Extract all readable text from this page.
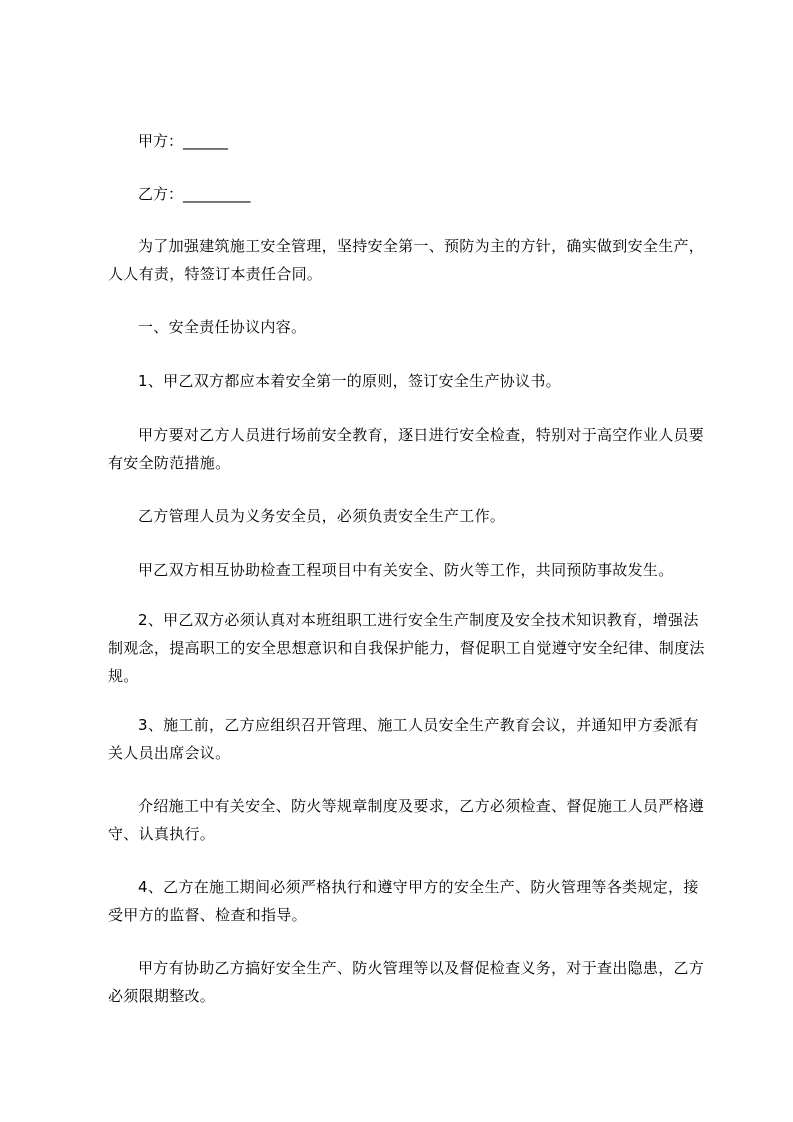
甲方：______

乙方：_________

为了加强建筑施工安全管理，坚持安全第一、预防为主的方针，确实做到安全生产，人人有责，特签订本责任合同。

一、安全责任协议内容。

1、甲乙双方都应本着安全第一的原则，签订安全生产协议书。

甲方要对乙方人员进行场前安全教育，逐日进行安全检查，特别对于高空作业人员要有安全防范措施。

乙方管理人员为义务安全员，必须负责安全生产工作。

甲乙双方相互协助检查工程项目中有关安全、防火等工作，共同预防事故发生。

2、甲乙双方必须认真对本班组职工进行安全生产制度及安全技术知识教育，增强法制观念，提高职工的安全思想意识和自我保护能力，督促职工自觉遵守安全纪律、制度法规。

3、施工前，乙方应组织召开管理、施工人员安全生产教育会议，并通知甲方委派有关人员出席会议。

介绍施工中有关安全、防火等规章制度及要求，乙方必须检查、督促施工人员严格遵守、认真执行。

4、乙方在施工期间必须严格执行和遵守甲方的安全生产、防火管理等各类规定，接受甲方的监督、检查和指导。

甲方有协助乙方搞好安全生产、防火管理等以及督促检查义务，对于查出隐患，乙方必须限期整改。
